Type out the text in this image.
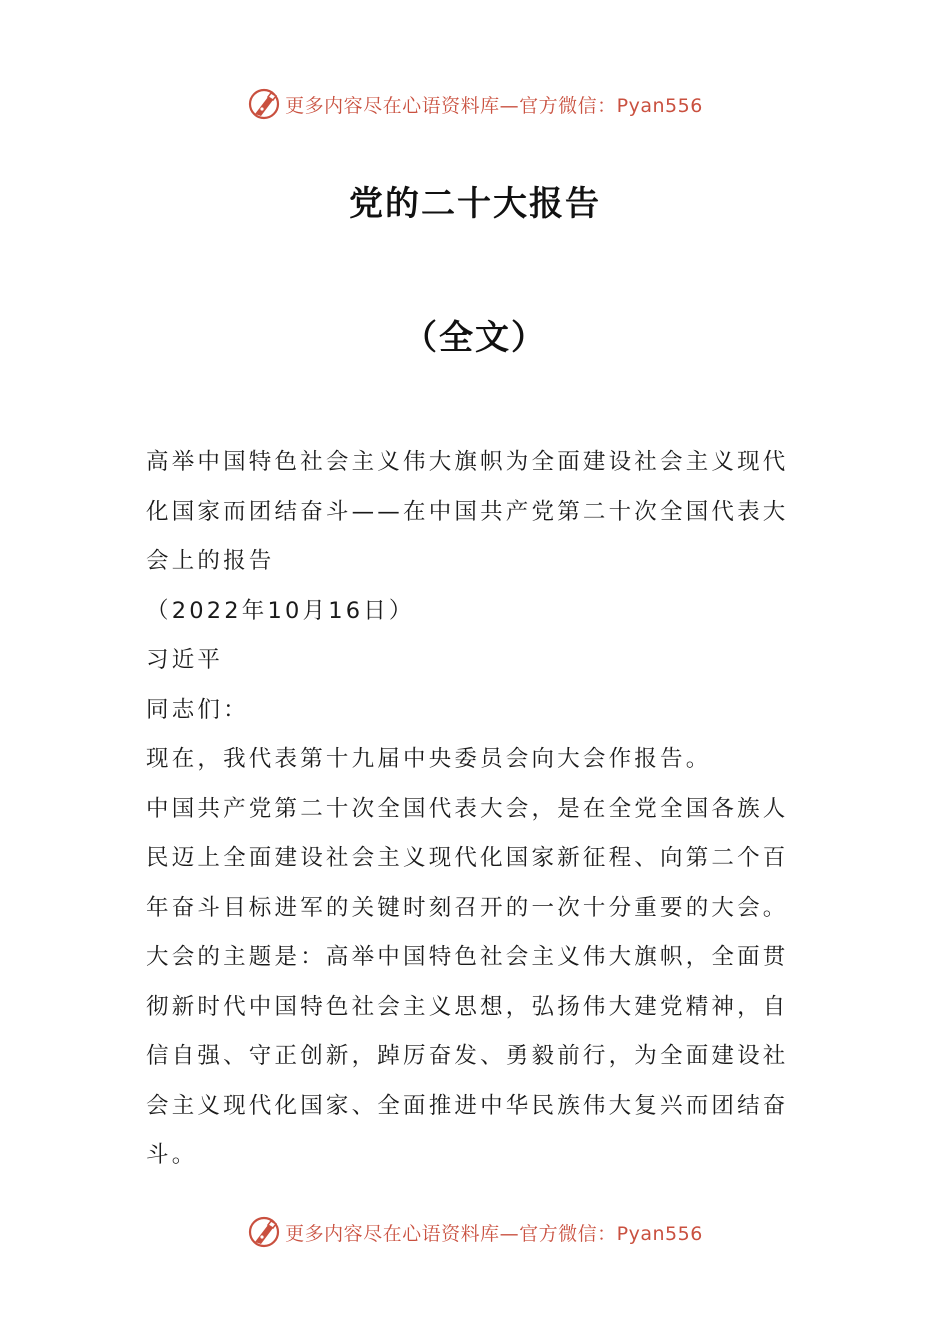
更多内容尽在心语资料库 —官方微信：Pyan556
党的二十大报告
（全文）

高举中国特色社会主义伟大旗帜为全面建设社会主义现代化国家而团结奋斗——在中国共产党第二十次全国代表大会上的报告

（2022年10月16日）

习近平

同志们：

现在，我代表第十九届中央委员会向大会作报告。

中国共产党第二十次全国代表大会，是在全党全国各族人民迈上全面建设社会主义现代化国家新征程、向第二个百年奋斗目标进军的关键时刻召开的一次十分重要的大会。

大会的主题是：高举中国特色社会主义伟大旗帜，全面贯彻新时代中国特色社会主义思想，弘扬伟大建党精神，自信自强、守正创新，踔厉奋发、勇毅前行，为全面建设社会主义现代化国家、全面推进中华民族伟大复兴而团结奋斗。

更多内容尽在心语资料库 —官方微信：Pyan556
